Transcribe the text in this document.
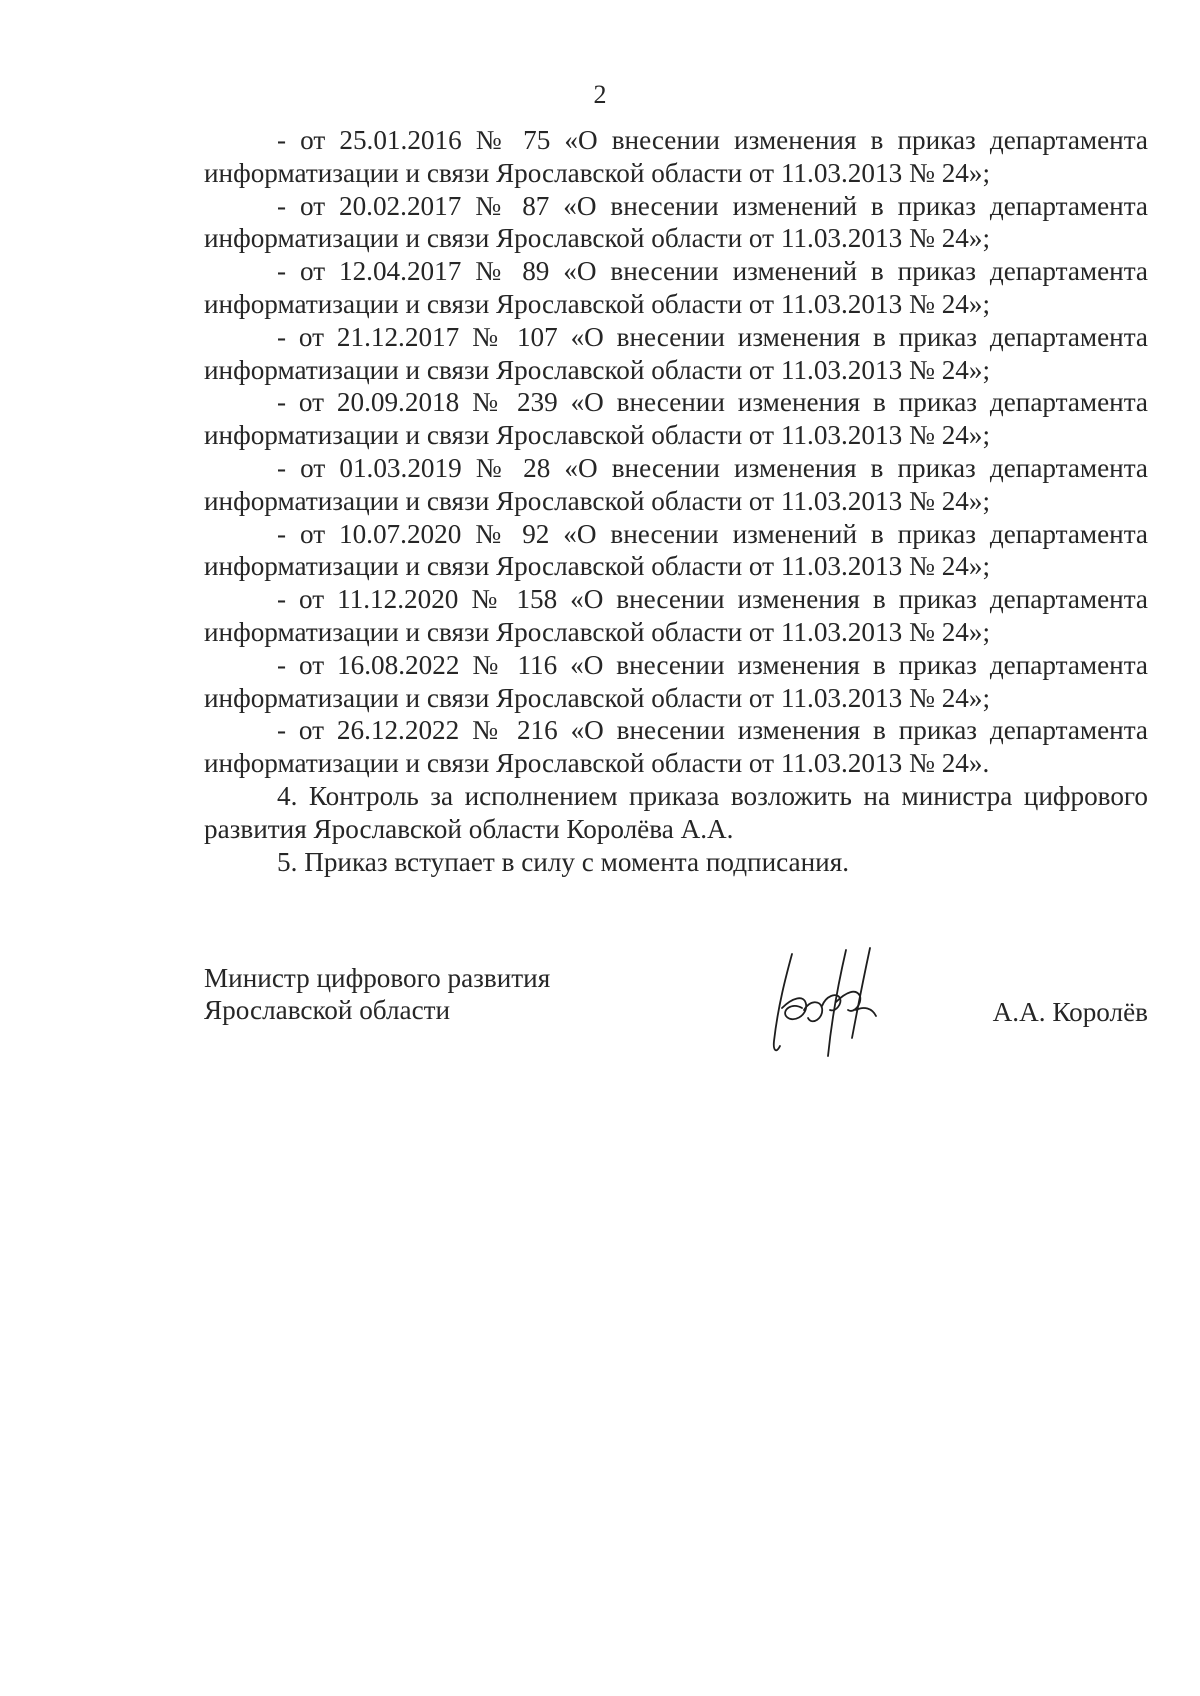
2

- от 25.01.2016 № 75 «О внесении изменения в приказ департамента информатизации и связи Ярославской области от 11.03.2013 № 24»;

- от 20.02.2017 № 87 «О внесении изменений в приказ департамента информатизации и связи Ярославской области от 11.03.2013 № 24»;

- от 12.04.2017 № 89 «О внесении изменений в приказ департамента информатизации и связи Ярославской области от 11.03.2013 № 24»;

- от 21.12.2017 № 107 «О внесении изменения в приказ департамента информатизации и связи Ярославской области от 11.03.2013 № 24»;

- от 20.09.2018 № 239 «О внесении изменения в приказ департамента информатизации и связи Ярославской области от 11.03.2013 № 24»;

- от 01.03.2019 № 28 «О внесении изменения в приказ департамента информатизации и связи Ярославской области от 11.03.2013 № 24»;

- от 10.07.2020 № 92 «О внесении изменений в приказ департамента информатизации и связи Ярославской области от 11.03.2013 № 24»;

- от 11.12.2020 № 158 «О внесении изменения в приказ департамента информатизации и связи Ярославской области от 11.03.2013 № 24»;

- от 16.08.2022 № 116 «О внесении изменения в приказ департамента информатизации и связи Ярославской области от 11.03.2013 № 24»;

- от 26.12.2022 № 216 «О внесении изменения в приказ департамента информатизации и связи Ярославской области от 11.03.2013 № 24».

4. Контроль за исполнением приказа возложить на министра цифрового развития Ярославской области Королёва А.А.

5. Приказ вступает в силу с момента подписания.

Министр цифрового развития
Ярославской области	А.А. Королёв
